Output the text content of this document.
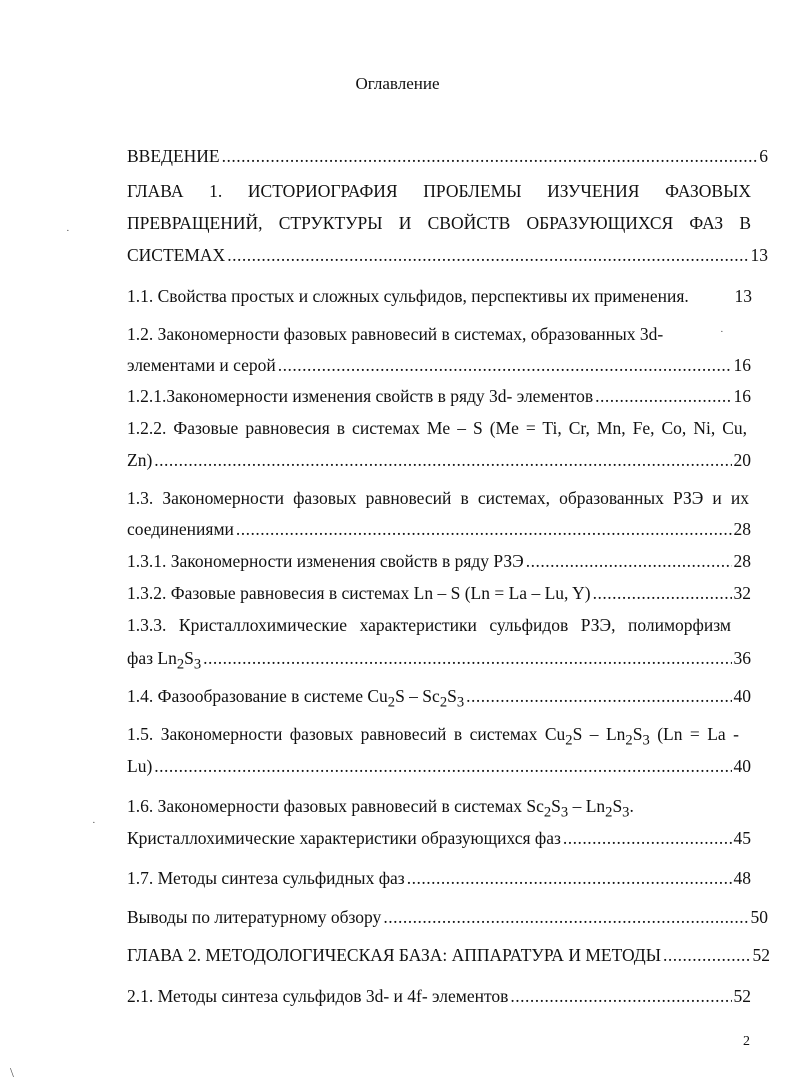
Оглавление
ВВЕДЕНИЕ .....	6
ГЛАВА 1. ИСТОРИОГРАФИЯ ПРОБЛЕМЫ ИЗУЧЕНИЯ ФАЗОВЫХ
ПРЕВРАЩЕНИЙ, СТРУКТУРЫ И СВОЙСТВ ОБРАЗУЮЩИХСЯ ФАЗ В
СИСТЕМАХ .....	13
1.1. Свойства простых и сложных сульфидов, перспективы их применения.	13
1.2. Закономерности фазовых равновесий в системах, образованных 3d-
элементами и серой .....	16
1.2.1.Закономерности изменения свойств в ряду 3d- элементов .....	16
1.2.2. Фазовые равновесия в системах Me – S (Me = Ti, Cr, Mn, Fe, Co, Ni, Cu,
Zn) .....	20
1.3. Закономерности фазовых равновесий в системах, образованных РЗЭ и их
соединениями .....	28
1.3.1. Закономерности изменения свойств в ряду РЗЭ .....	28
1.3.2. Фазовые равновесия в системах Ln – S (Ln = La – Lu, Y) .....	32
1.3.3. Кристаллохимические характеристики сульфидов РЗЭ, полиморфизм
фаз $Ln_2S_3$ .....	36
1.4. Фазообразование в системе $Cu_2S - Sc_2S_3$ .....	40
1.5. Закономерности фазовых равновесий в системах $Cu_2S - Ln_2S_3$ (Ln = La -
Lu) .....	40
1.6. Закономерности фазовых равновесий в системах $Sc_2S_3 - Ln_2S_3$.
Кристаллохимические характеристики образующихся фаз .....	45
1.7. Методы синтеза сульфидных фаз .....	48
Выводы по литературному обзору .....	50
ГЛАВА 2. МЕТОДОЛОГИЧЕСКАЯ БАЗА: АППАРАТУРА И МЕТОДЫ .....	52
2.1. Методы синтеза сульфидов 3d- и 4f- элементов .....	52
2
·
·
·
\
